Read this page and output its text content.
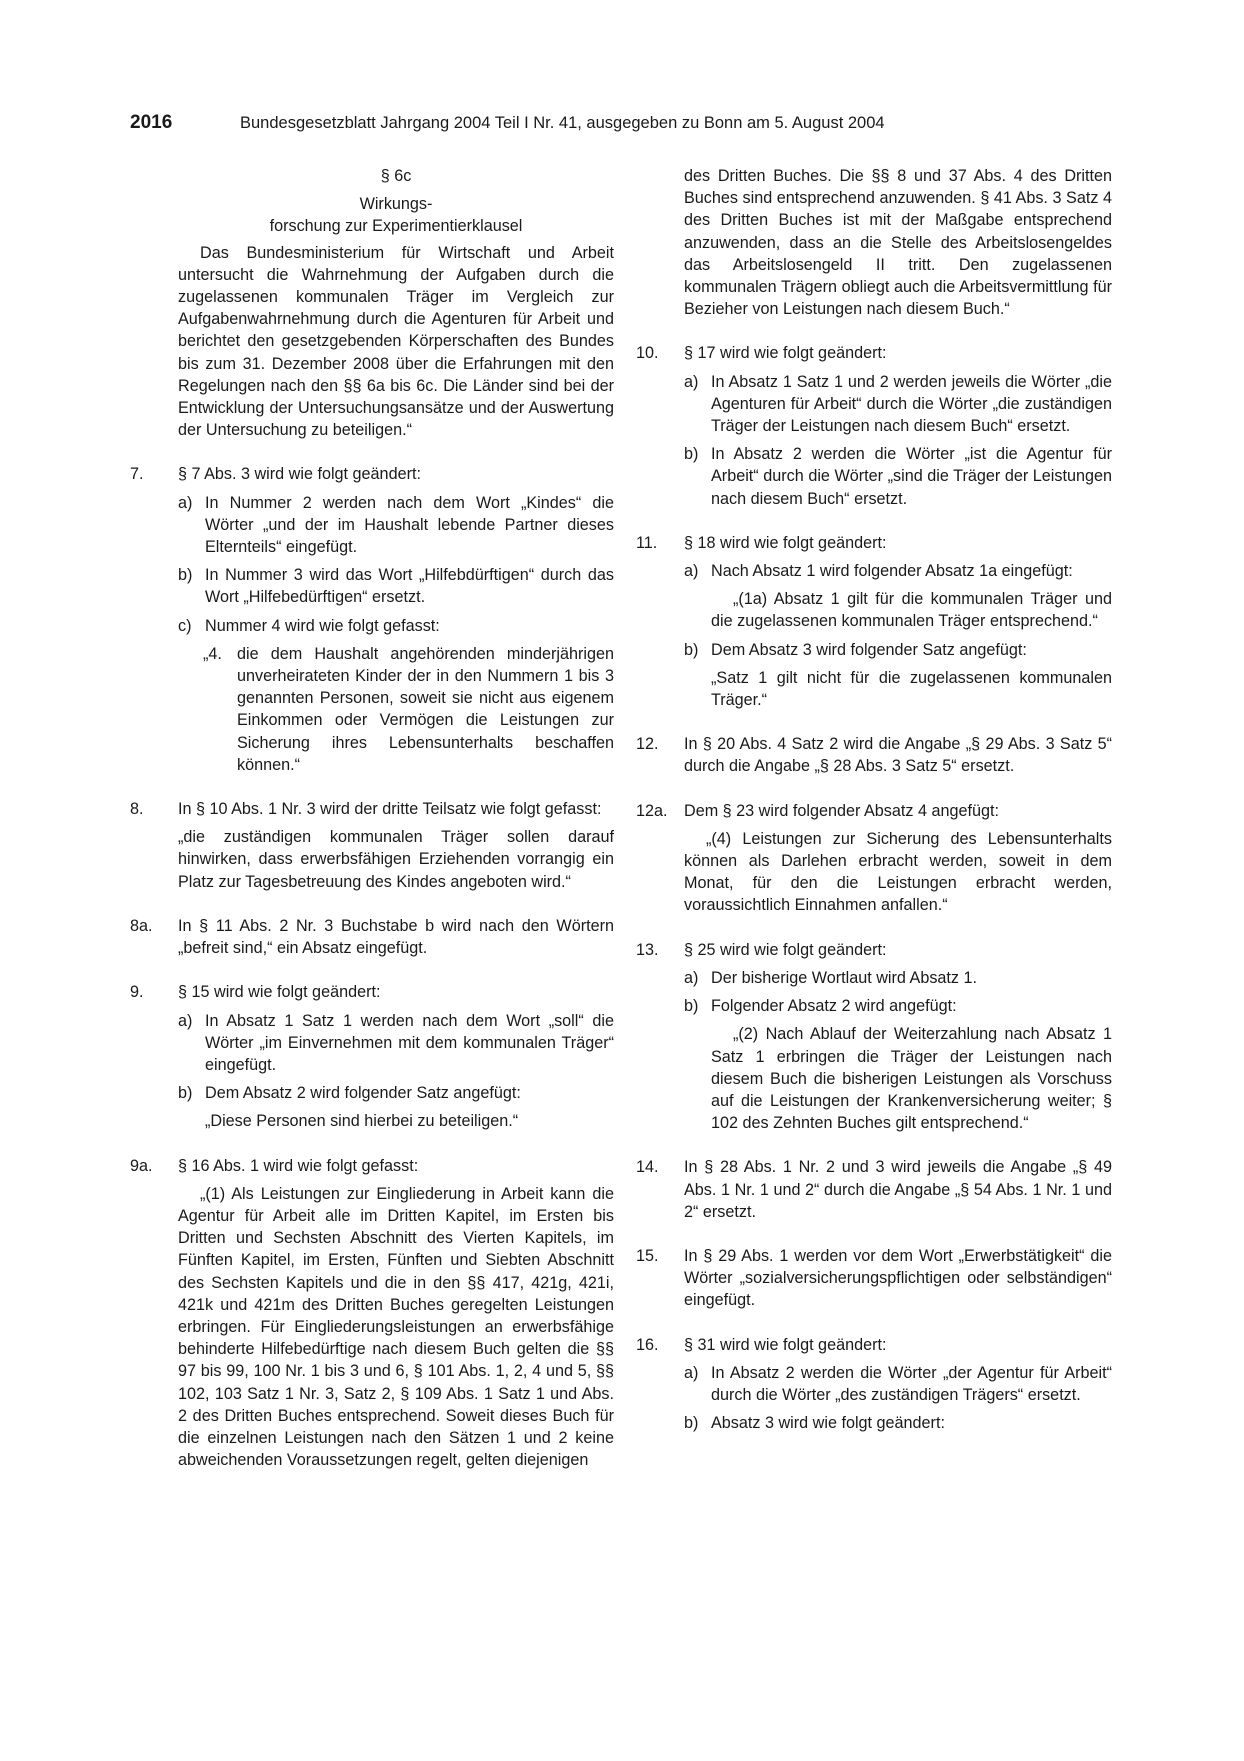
2016	Bundesgesetzblatt Jahrgang 2004 Teil I Nr. 41, ausgegeben zu Bonn am 5. August 2004

§ 6c

Wirkungs-

forschung zur Experimentierklausel

Das Bundesministerium für Wirtschaft und Arbeit untersucht die Wahrnehmung der Aufgaben durch die zugelassenen kommunalen Träger im Vergleich zur Aufgabenwahrnehmung durch die Agenturen für Arbeit und berichtet den gesetzgebenden Körperschaften des Bundes bis zum 31. Dezember 2008 über die Erfahrungen mit den Regelungen nach den §§ 6a bis 6c. Die Länder sind bei der Entwicklung der Untersuchungsansätze und der Auswertung der Untersuchung zu beteiligen.“

7. § 7 Abs. 3 wird wie folgt geändert:

a) In Nummer 2 werden nach dem Wort „Kindes“ die Wörter „und der im Haushalt lebende Partner dieses Elternteils“ eingefügt.

b) In Nummer 3 wird das Wort „Hilfebdürftigen“ durch das Wort „Hilfebedürftigen“ ersetzt.

c) Nummer 4 wird wie folgt gefasst:

„4. die dem Haushalt angehörenden minderjährigen unverheirateten Kinder der in den Nummern 1 bis 3 genannten Personen, soweit sie nicht aus eigenem Einkommen oder Vermögen die Leistungen zur Sicherung ihres Lebensunterhalts beschaffen können.“

8. In § 10 Abs. 1 Nr. 3 wird der dritte Teilsatz wie folgt gefasst:

„die zuständigen kommunalen Träger sollen darauf hinwirken, dass erwerbsfähigen Erziehenden vorrangig ein Platz zur Tagesbetreuung des Kindes angeboten wird.“

8a. In § 11 Abs. 2 Nr. 3 Buchstabe b wird nach den Wörtern „befreit sind,“ ein Absatz eingefügt.

9. § 15 wird wie folgt geändert:

a) In Absatz 1 Satz 1 werden nach dem Wort „soll“ die Wörter „im Einvernehmen mit dem kommunalen Träger“ eingefügt.

b) Dem Absatz 2 wird folgender Satz angefügt:

„Diese Personen sind hierbei zu beteiligen.“

9a. § 16 Abs. 1 wird wie folgt gefasst:

„(1) Als Leistungen zur Eingliederung in Arbeit kann die Agentur für Arbeit alle im Dritten Kapitel, im Ersten bis Dritten und Sechsten Abschnitt des Vierten Kapitels, im Fünften Kapitel, im Ersten, Fünften und Siebten Abschnitt des Sechsten Kapitels und die in den §§ 417, 421g, 421i, 421k und 421m des Dritten Buches geregelten Leistungen erbringen. Für Eingliederungsleistungen an erwerbsfähige behinderte Hilfebedürftige nach diesem Buch gelten die §§ 97 bis 99, 100 Nr. 1 bis 3 und 6, § 101 Abs. 1, 2, 4 und 5, §§ 102, 103 Satz 1 Nr. 3, Satz 2, § 109 Abs. 1 Satz 1 und Abs. 2 des Dritten Buches entsprechend. Soweit dieses Buch für die einzelnen Leistungen nach den Sätzen 1 und 2 keine abweichenden Voraussetzungen regelt, gelten diejenigen

des Dritten Buches. Die §§ 8 und 37 Abs. 4 des Dritten Buches sind entsprechend anzuwenden. § 41 Abs. 3 Satz 4 des Dritten Buches ist mit der Maßgabe entsprechend anzuwenden, dass an die Stelle des Arbeitslosengeldes das Arbeitslosengeld II tritt. Den zugelassenen kommunalen Trägern obliegt auch die Arbeitsvermittlung für Bezieher von Leistungen nach diesem Buch.“

10. § 17 wird wie folgt geändert:

a) In Absatz 1 Satz 1 und 2 werden jeweils die Wörter „die Agenturen für Arbeit“ durch die Wörter „die zuständigen Träger der Leistungen nach diesem Buch“ ersetzt.

b) In Absatz 2 werden die Wörter „ist die Agentur für Arbeit“ durch die Wörter „sind die Träger der Leistungen nach diesem Buch“ ersetzt.

11. § 18 wird wie folgt geändert:

a) Nach Absatz 1 wird folgender Absatz 1a eingefügt:

„(1a) Absatz 1 gilt für die kommunalen Träger und die zugelassenen kommunalen Träger entsprechend.“

b) Dem Absatz 3 wird folgender Satz angefügt:

„Satz 1 gilt nicht für die zugelassenen kommunalen Träger.“

12. In § 20 Abs. 4 Satz 2 wird die Angabe „§ 29 Abs. 3 Satz 5“ durch die Angabe „§ 28 Abs. 3 Satz 5“ ersetzt.

12a. Dem § 23 wird folgender Absatz 4 angefügt:

„(4) Leistungen zur Sicherung des Lebensunterhalts können als Darlehen erbracht werden, soweit in dem Monat, für den die Leistungen erbracht werden, voraussichtlich Einnahmen anfallen.“

13. § 25 wird wie folgt geändert:

a) Der bisherige Wortlaut wird Absatz 1.

b) Folgender Absatz 2 wird angefügt:

„(2) Nach Ablauf der Weiterzahlung nach Absatz 1 Satz 1 erbringen die Träger der Leistungen nach diesem Buch die bisherigen Leistungen als Vorschuss auf die Leistungen der Krankenversicherung weiter; § 102 des Zehnten Buches gilt entsprechend.“

14. In § 28 Abs. 1 Nr. 2 und 3 wird jeweils die Angabe „§ 49 Abs. 1 Nr. 1 und 2“ durch die Angabe „§ 54 Abs. 1 Nr. 1 und 2“ ersetzt.

15. In § 29 Abs. 1 werden vor dem Wort „Erwerbstätigkeit“ die Wörter „sozialversicherungspflichtigen oder selbständigen“ eingefügt.

16. § 31 wird wie folgt geändert:

a) In Absatz 2 werden die Wörter „der Agentur für Arbeit“ durch die Wörter „des zuständigen Trägers“ ersetzt.

b) Absatz 3 wird wie folgt geändert:
